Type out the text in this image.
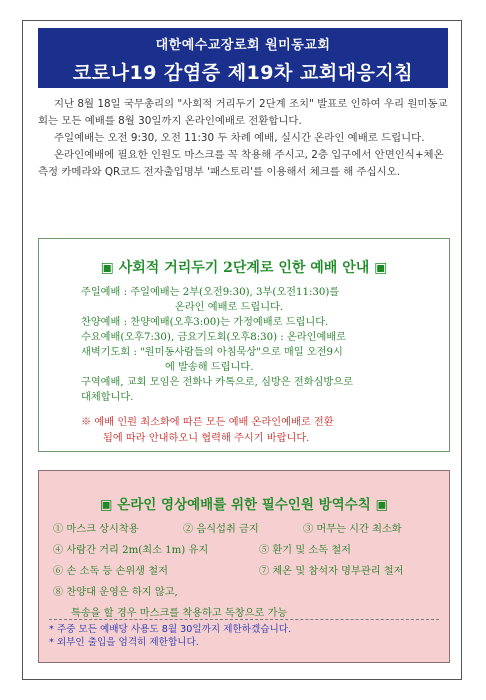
대한예수교장로회 원미동교회
코로나19 감염증 제19차 교회대응지침

지난 8월 18일 국무총리의 "사회적 거리두기 2단계 조치" 발표로 인하여 우리 원미동교회는 모든 예배를 8월 30일까지 온라인예배로 전환합니다.

주일예배는 오전 9:30, 오전 11:30 두 차례 예배, 실시간 온라인 예배로 드립니다.

온라인예배에 필요한 인원도 마스크를 꼭 착용해 주시고, 2층 입구에서 안면인식+체온측정 카메라와 QR코드 전자출입명부 '패스토리'를 이용해서 체크를 해 주십시오.

▣ 사회적 거리두기 2단계로 인한 예배 안내 ▣
주일예배 : 주일예배는 2부(오전9:30), 3부(오전11:30)를
온라인 예배로 드립니다.
찬양예배 : 찬양예배(오후3:00)는 가정예배로 드립니다.
수요예배(오후7:30), 금요기도회(오후8:30) : 온라인예배로
새벽기도회 : "원미동사람들의 아침묵상"으로 매일 오전9시
에 발송해 드립니다.
구역예배, 교회 모임은 전화나 카톡으로, 심방은 전화심방으로
대체합니다.
※ 예배 인원 최소화에 따른 모든 예배 온라인예배로 전환
됨에 따라 안내하오니 협력해 주시기 바랍니다.
▣ 온라인 영상예배를 위한 필수인원 방역수칙 ▣
① 마스크 상시착용	② 음식섭취 금지	③ 머무는 시간 최소화
④ 사람간 거리 2m(최소 1m) 유지	⑤ 환기 및 소독 철저
⑥ 손 소독 등 손위생 철저	⑦ 체온 및 참석자 명부관리 철저
⑧ 찬양대 운영은 하지 않고,
특송을 할 경우 마스크를 착용하고 독창으로 가능
* 주중 모든 예배당 사용도 8월 30일까지 제한하겠습니다.
* 외부인 출입을 엄격히 제한합니다.
